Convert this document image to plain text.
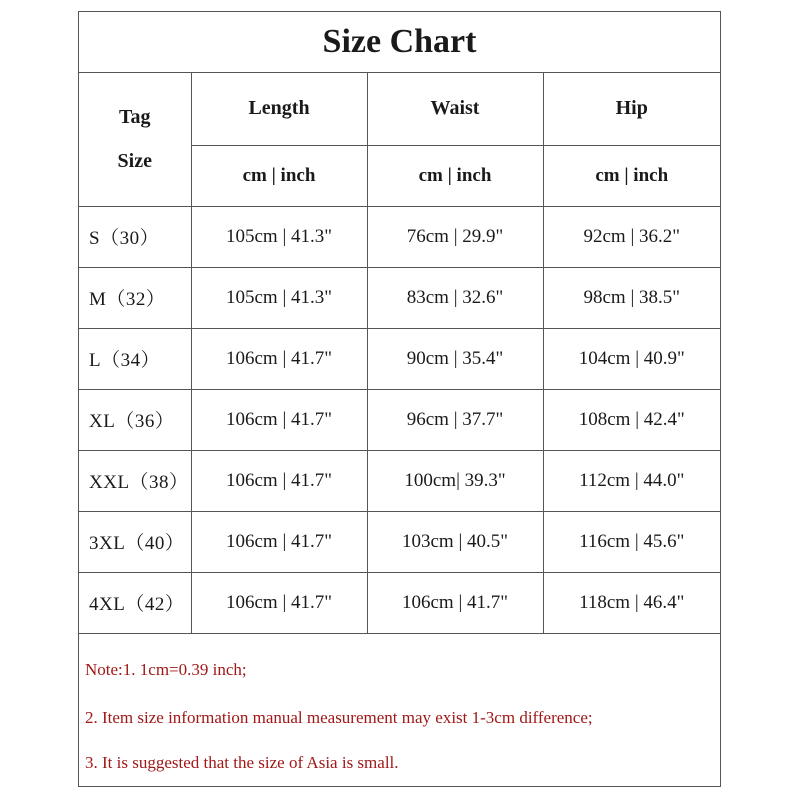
Size Chart
Tag
Size	Length	Waist	Hip
	cm | inch	cm | inch	cm | inch
S（30）	105cm | 41.3"	76cm | 29.9"	92cm | 36.2"
M（32）	105cm | 41.3"	83cm | 32.6"	98cm | 38.5"
L（34）	106cm | 41.7"	90cm | 35.4"	104cm | 40.9"
XL（36）	106cm | 41.7"	96cm | 37.7"	108cm | 42.4"
XXL（38）	106cm | 41.7"	100cm| 39.3"	112cm | 44.0"
3XL（40）	106cm | 41.7"	103cm | 40.5"	116cm | 45.6"
4XL（42）	106cm | 41.7"	106cm | 41.7"	118cm | 46.4"
Note:1. 1cm=0.39 inch;
2. Item size information manual measurement may exist 1-3cm difference;
3. It is suggested that the size of Asia is small.
